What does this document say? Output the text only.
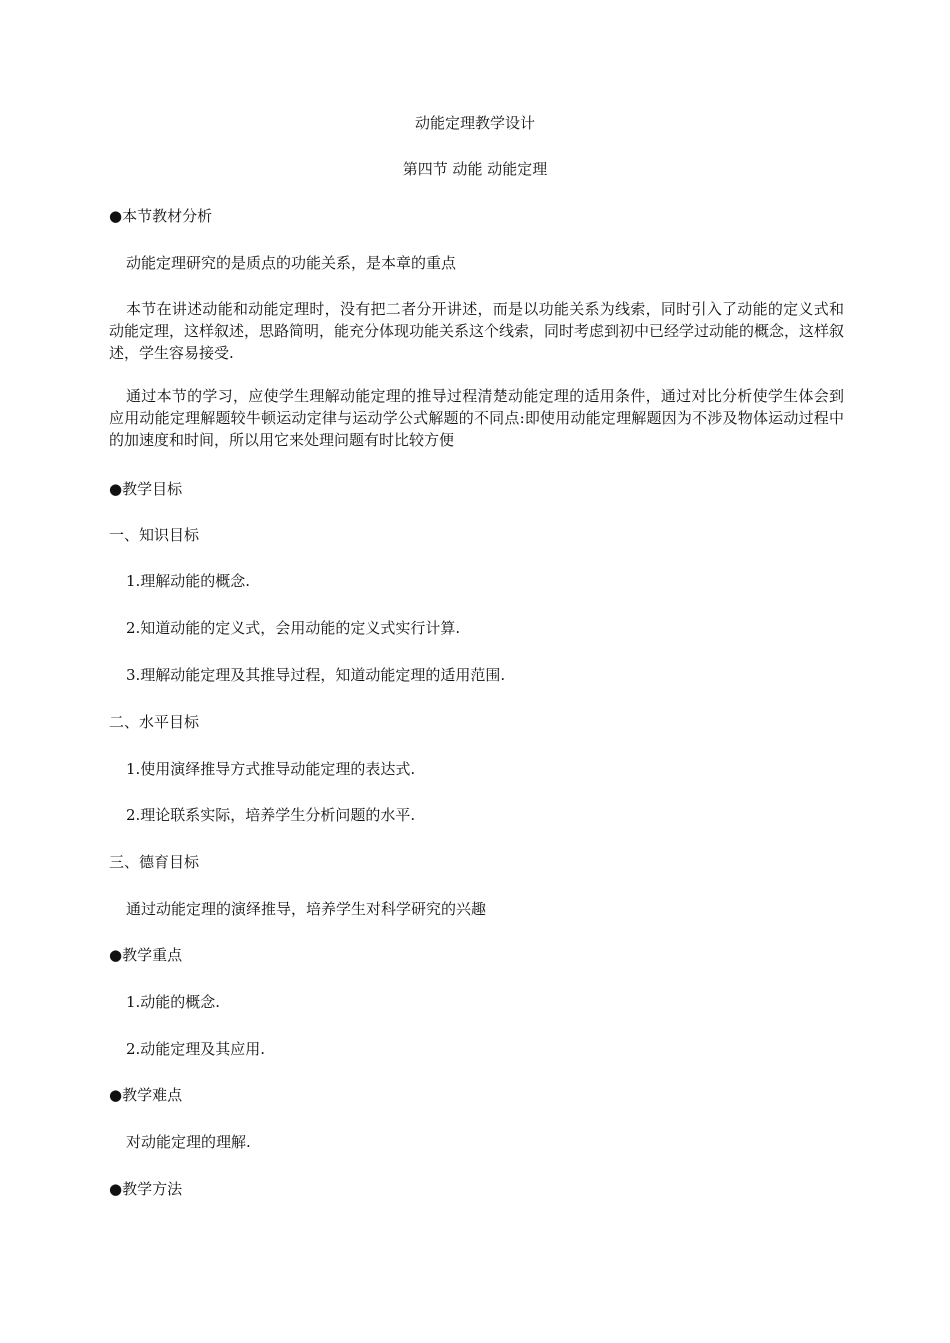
动能定理教学设计
第四节 动能 动能定理
●本节教材分析
动能定理研究的是质点的功能关系，是本章的重点
本节在讲述动能和动能定理时，没有把二者分开讲述，而是以功能关系为线索，同时引入了动能的定义式和动能定理，这样叙述，思路简明，能充分体现功能关系这个线索，同时考虑到初中已经学过动能的概念，这样叙述，学生容易接受.
通过本节的学习，应使学生理解动能定理的推导过程清楚动能定理的适用条件，通过对比分析使学生体会到应用动能定理解题较牛顿运动定律与运动学公式解题的不同点:即使用动能定理解题因为不涉及物体运动过程中的加速度和时间，所以用它来处理问题有时比较方便
●教学目标
一、知识目标
1.理解动能的概念.
2.知道动能的定义式，会用动能的定义式实行计算.
3.理解动能定理及其推导过程，知道动能定理的适用范围.
二、水平目标
1.使用演绎推导方式推导动能定理的表达式.
2.理论联系实际，培养学生分析问题的水平.
三、德育目标
通过动能定理的演绎推导，培养学生对科学研究的兴趣
●教学重点
1.动能的概念.
2.动能定理及其应用.
●教学难点
对动能定理的理解.
●教学方法
